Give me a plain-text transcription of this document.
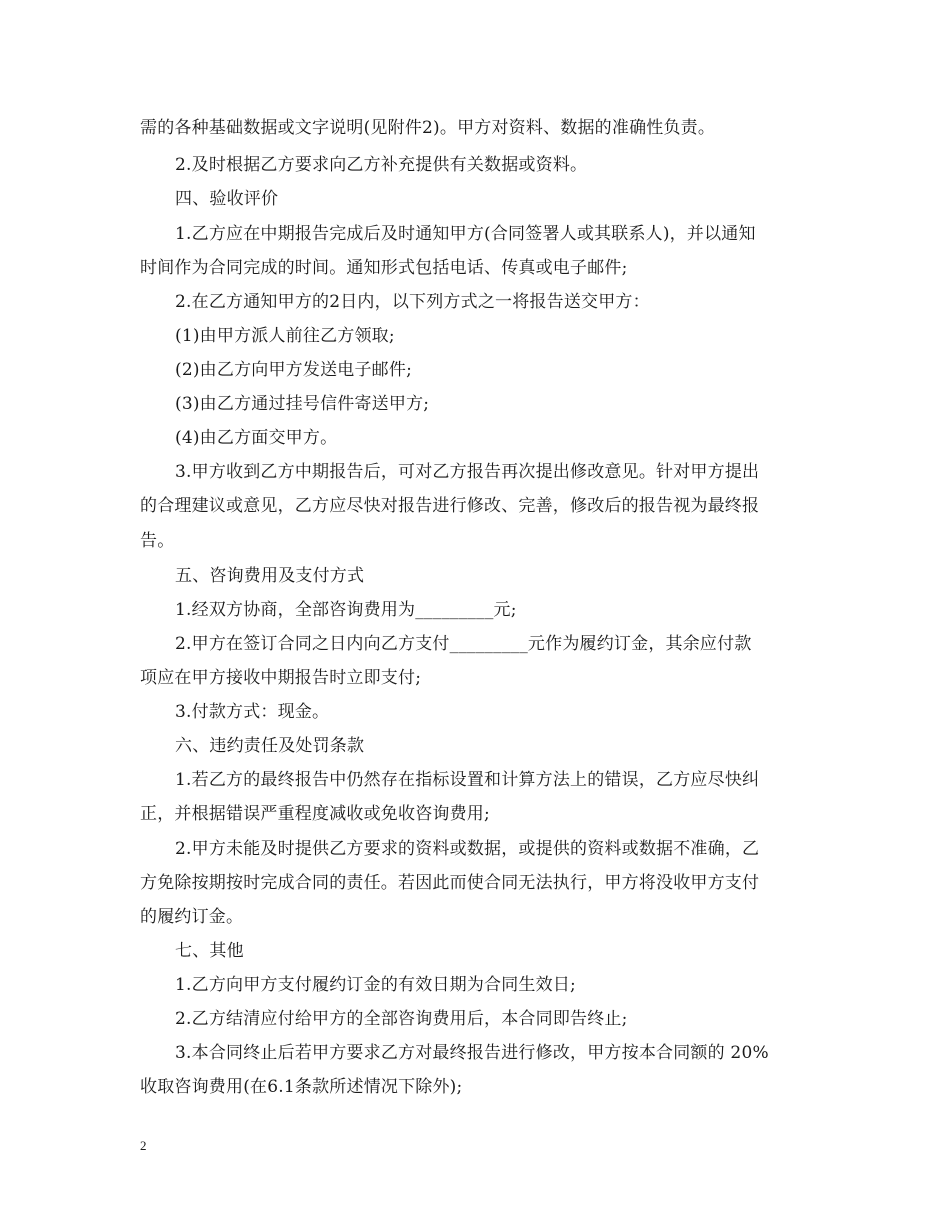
需的各种基础数据或文字说明(见附件2)。甲方对资料、数据的准确性负责。
2.及时根据乙方要求向乙方补充提供有关数据或资料。
四、验收评价
1.乙方应在中期报告完成后及时通知甲方(合同签署人或其联系人)，并以通知
时间作为合同完成的时间。通知形式包括电话、传真或电子邮件;
2.在乙方通知甲方的2日内，以下列方式之一将报告送交甲方：
(1)由甲方派人前往乙方领取;
(2)由乙方向甲方发送电子邮件;
(3)由乙方通过挂号信件寄送甲方;
(4)由乙方面交甲方。
3.甲方收到乙方中期报告后，可对乙方报告再次提出修改意见。针对甲方提出
的合理建议或意见，乙方应尽快对报告进行修改、完善，修改后的报告视为最终报
告。
五、咨询费用及支付方式
1.经双方协商，全部咨询费用为_________元;
2.甲方在签订合同之日内向乙方支付_________元作为履约订金，其余应付款
项应在甲方接收中期报告时立即支付;
3.付款方式：现金。
六、违约责任及处罚条款
1.若乙方的最终报告中仍然存在指标设置和计算方法上的错误，乙方应尽快纠
正，并根据错误严重程度减收或免收咨询费用;
2.甲方未能及时提供乙方要求的资料或数据，或提供的资料或数据不准确，乙
方免除按期按时完成合同的责任。若因此而使合同无法执行，甲方将没收甲方支付
的履约订金。
七、其他
1.乙方向甲方支付履约订金的有效日期为合同生效日;
2.乙方结清应付给甲方的全部咨询费用后，本合同即告终止;
3.本合同终止后若甲方要求乙方对最终报告进行修改，甲方按本合同额的 20%
收取咨询费用(在6.1条款所述情况下除外);
2
